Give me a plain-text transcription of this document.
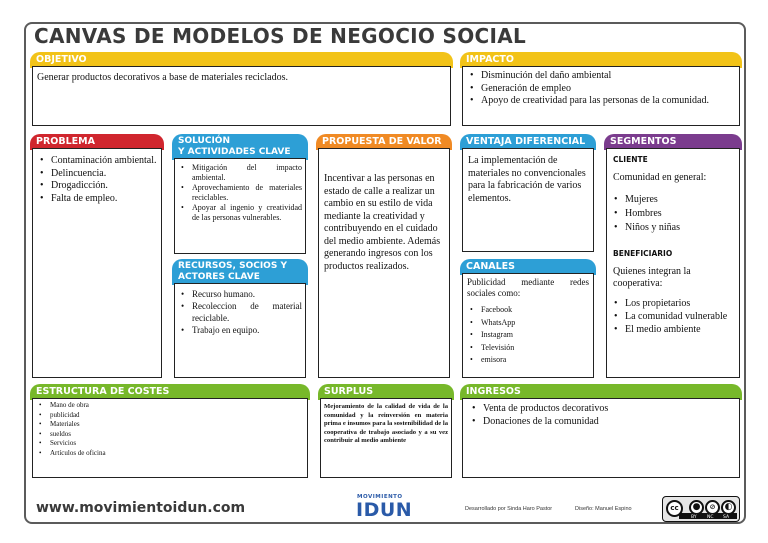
CANVAS DE MODELOS DE NEGOCIO SOCIAL
OBJETIVO

Generar productos decorativos a base de materiales reciclados.

IMPACTO
• Disminución del daño ambiental
• Generación de empleo
• Apoyo de creatividad para las personas de la comunidad.
PROBLEMA
• Contaminación ambiental.
• Delincuencia.
• Drogadicción.
• Falta de empleo.
SOLUCIÓN
Y ACTIVIDADES CLAVE
• Mitigación del impacto ambiental.
• Aprovechamiento de materiales reciclables.
• Apoyar al ingenio y creatividad de las personas vulnerables.
RECURSOS, SOCIOS Y
ACTORES CLAVE
• Recurso humano.
• Recoleccion de material reciclable.
• Trabajo en equipo.
PROPUESTA DE VALOR

Incentivar a las personas en estado de calle a realizar un cambio en su estilo de vida mediante la creatividad y contribuyendo en el cuidado del medio ambiente. Además generando ingresos con los productos realizados.

VENTAJA DIFERENCIAL

La implementación de materiales no convencionales para la fabricación de varios elementos.

CANALES

Publicidad mediante redes sociales como:

• Facebook
• WhatsApp
• Instagram
• Televisión
• emisora
SEGMENTOS
CLIENTE

Comunidad en general:

• Mujeres
• Hombres
• Niños y niñas
BENEFICIARIO

Quienes integran la cooperativa:

• Los propietarios
• La comunidad vulnerable
• El medio ambiente
ESTRUCTURA DE COSTES
• Mano de obra
• publicidad
• Materiales
• sueldos
• Servicios
• Artículos de oficina
SURPLUS

Mejoramiento de la calidad de vida de la comunidad y la reinversión en materia prima e insumos para la sostenibilidad de la cooperativa de trabajo asociado y a su vez contribuir al medio ambiente

INGRESOS
• Venta de productos decorativos
• Donaciones de la comunidad
www.movimientoidun.com
MOVIMIENTO
IDUN	Desarrollado por Sinda Haro Pastor	Diseño: Manuel Espino	cc	●	⊘	◐
BY NC SA
